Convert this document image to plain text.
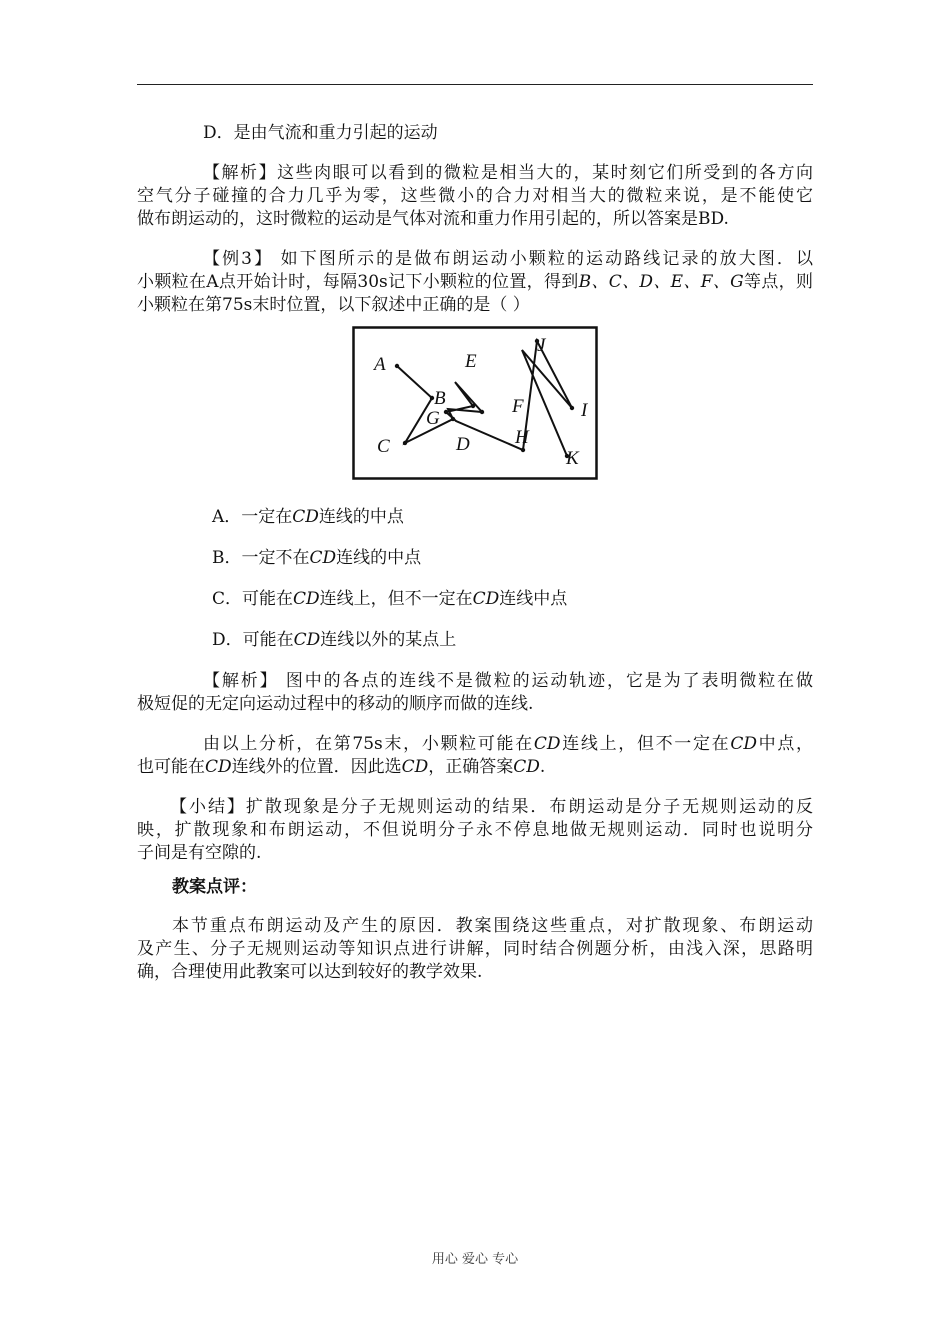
D．是由气流和重力引起的运动
【解析】这些肉眼可以看到的微粒是相当大的，某时刻它们所受到的各方向
空气分子碰撞的合力几乎为零，这些微小的合力对相当大的微粒来说，是不能使它
做布朗运动的，这时微粒的运动是气体对流和重力作用引起的，所以答案是BD.
【例3】 如下图所示的是做布朗运动小颗粒的运动路线记录的放大图．以
小颗粒在A点开始计时，每隔30s记下小颗粒的位置，得到B、C、D、E、F、G等点，则
小颗粒在第75s末时位置，以下叙述中正确的是（ ）
A
B
G
C	D
E
F
H
J
I
K
A．一定在CD连线的中点
B．一定不在CD连线的中点
C．可能在CD连线上，但不一定在CD连线中点
D．可能在CD连线以外的某点上
【解析】 图中的各点的连线不是微粒的运动轨迹，它是为了表明微粒在做
极短促的无定向运动过程中的移动的顺序而做的连线.
由以上分析，在第75s末，小颗粒可能在CD连线上，但不一定在CD中点，
也可能在CD连线外的位置．因此选CD，正确答案CD.
【小结】扩散现象是分子无规则运动的结果．布朗运动是分子无规则运动的反
映，扩散现象和布朗运动，不但说明分子永不停息地做无规则运动．同时也说明分
子间是有空隙的.
教案点评：
本节重点布朗运动及产生的原因．教案围绕这些重点，对扩散现象、布朗运动
及产生、分子无规则运动等知识点进行讲解，同时结合例题分析，由浅入深，思路明
确，合理使用此教案可以达到较好的教学效果.
用心 爱心 专心
